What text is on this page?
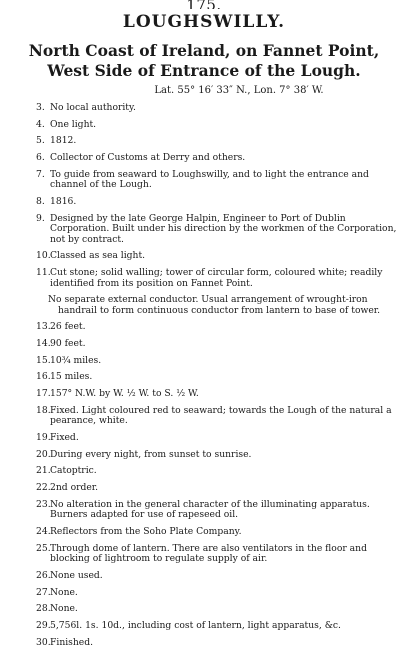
175.
LOUGHSWILLY.
North Coast of Ireland, on Fannet Point,
West Side of Entrance of the Lough.
Lat. 55° 16′ 33″ N., Lon. 7° 38′ W.
3. No local authority.
4. One light.
5. 1812.
6. Collector of Customs at Derry and others.
7. To guide from seaward to Loughswilly, and to light the entrance and channel of the Lough.
8. 1816.
9. Designed by the late George Halpin, Engineer to Port of Dublin Corporation. Built under his direction by the workmen of the Corporation, not by contract.
10.Classed as sea light.
11.Cut stone; solid walling; tower of circular form, coloured white; readily identified from its position on Fannet Point.
No separate external conductor. Usual arrangement of wrought-iron handrail to form continuous conductor from lantern to base of tower.
13.26 feet.
14.90 feet.
15.10¾ miles.
16.15 miles.
17.157° N.W. by W. ½ W. to S. ½ W.
18.Fixed. Light coloured red to seaward; towards the Lough of the natural a pearance, white.
19.Fixed.
20.During every night, from sunset to sunrise.
21.Catoptric.
22.2nd order.
23.No alteration in the general character of the illuminating apparatus. Burners adapted for use of rapeseed oil.
24.Reflectors from the Soho Plate Company.
25.Through dome of lantern. There are also ventilators in the floor and blocking of lightroom to regulate supply of air.
26.None used.
27.None.
28.None.
29.5,756l. 1s. 10d., including cost of lantern, light apparatus, &c.
30.Finished.
